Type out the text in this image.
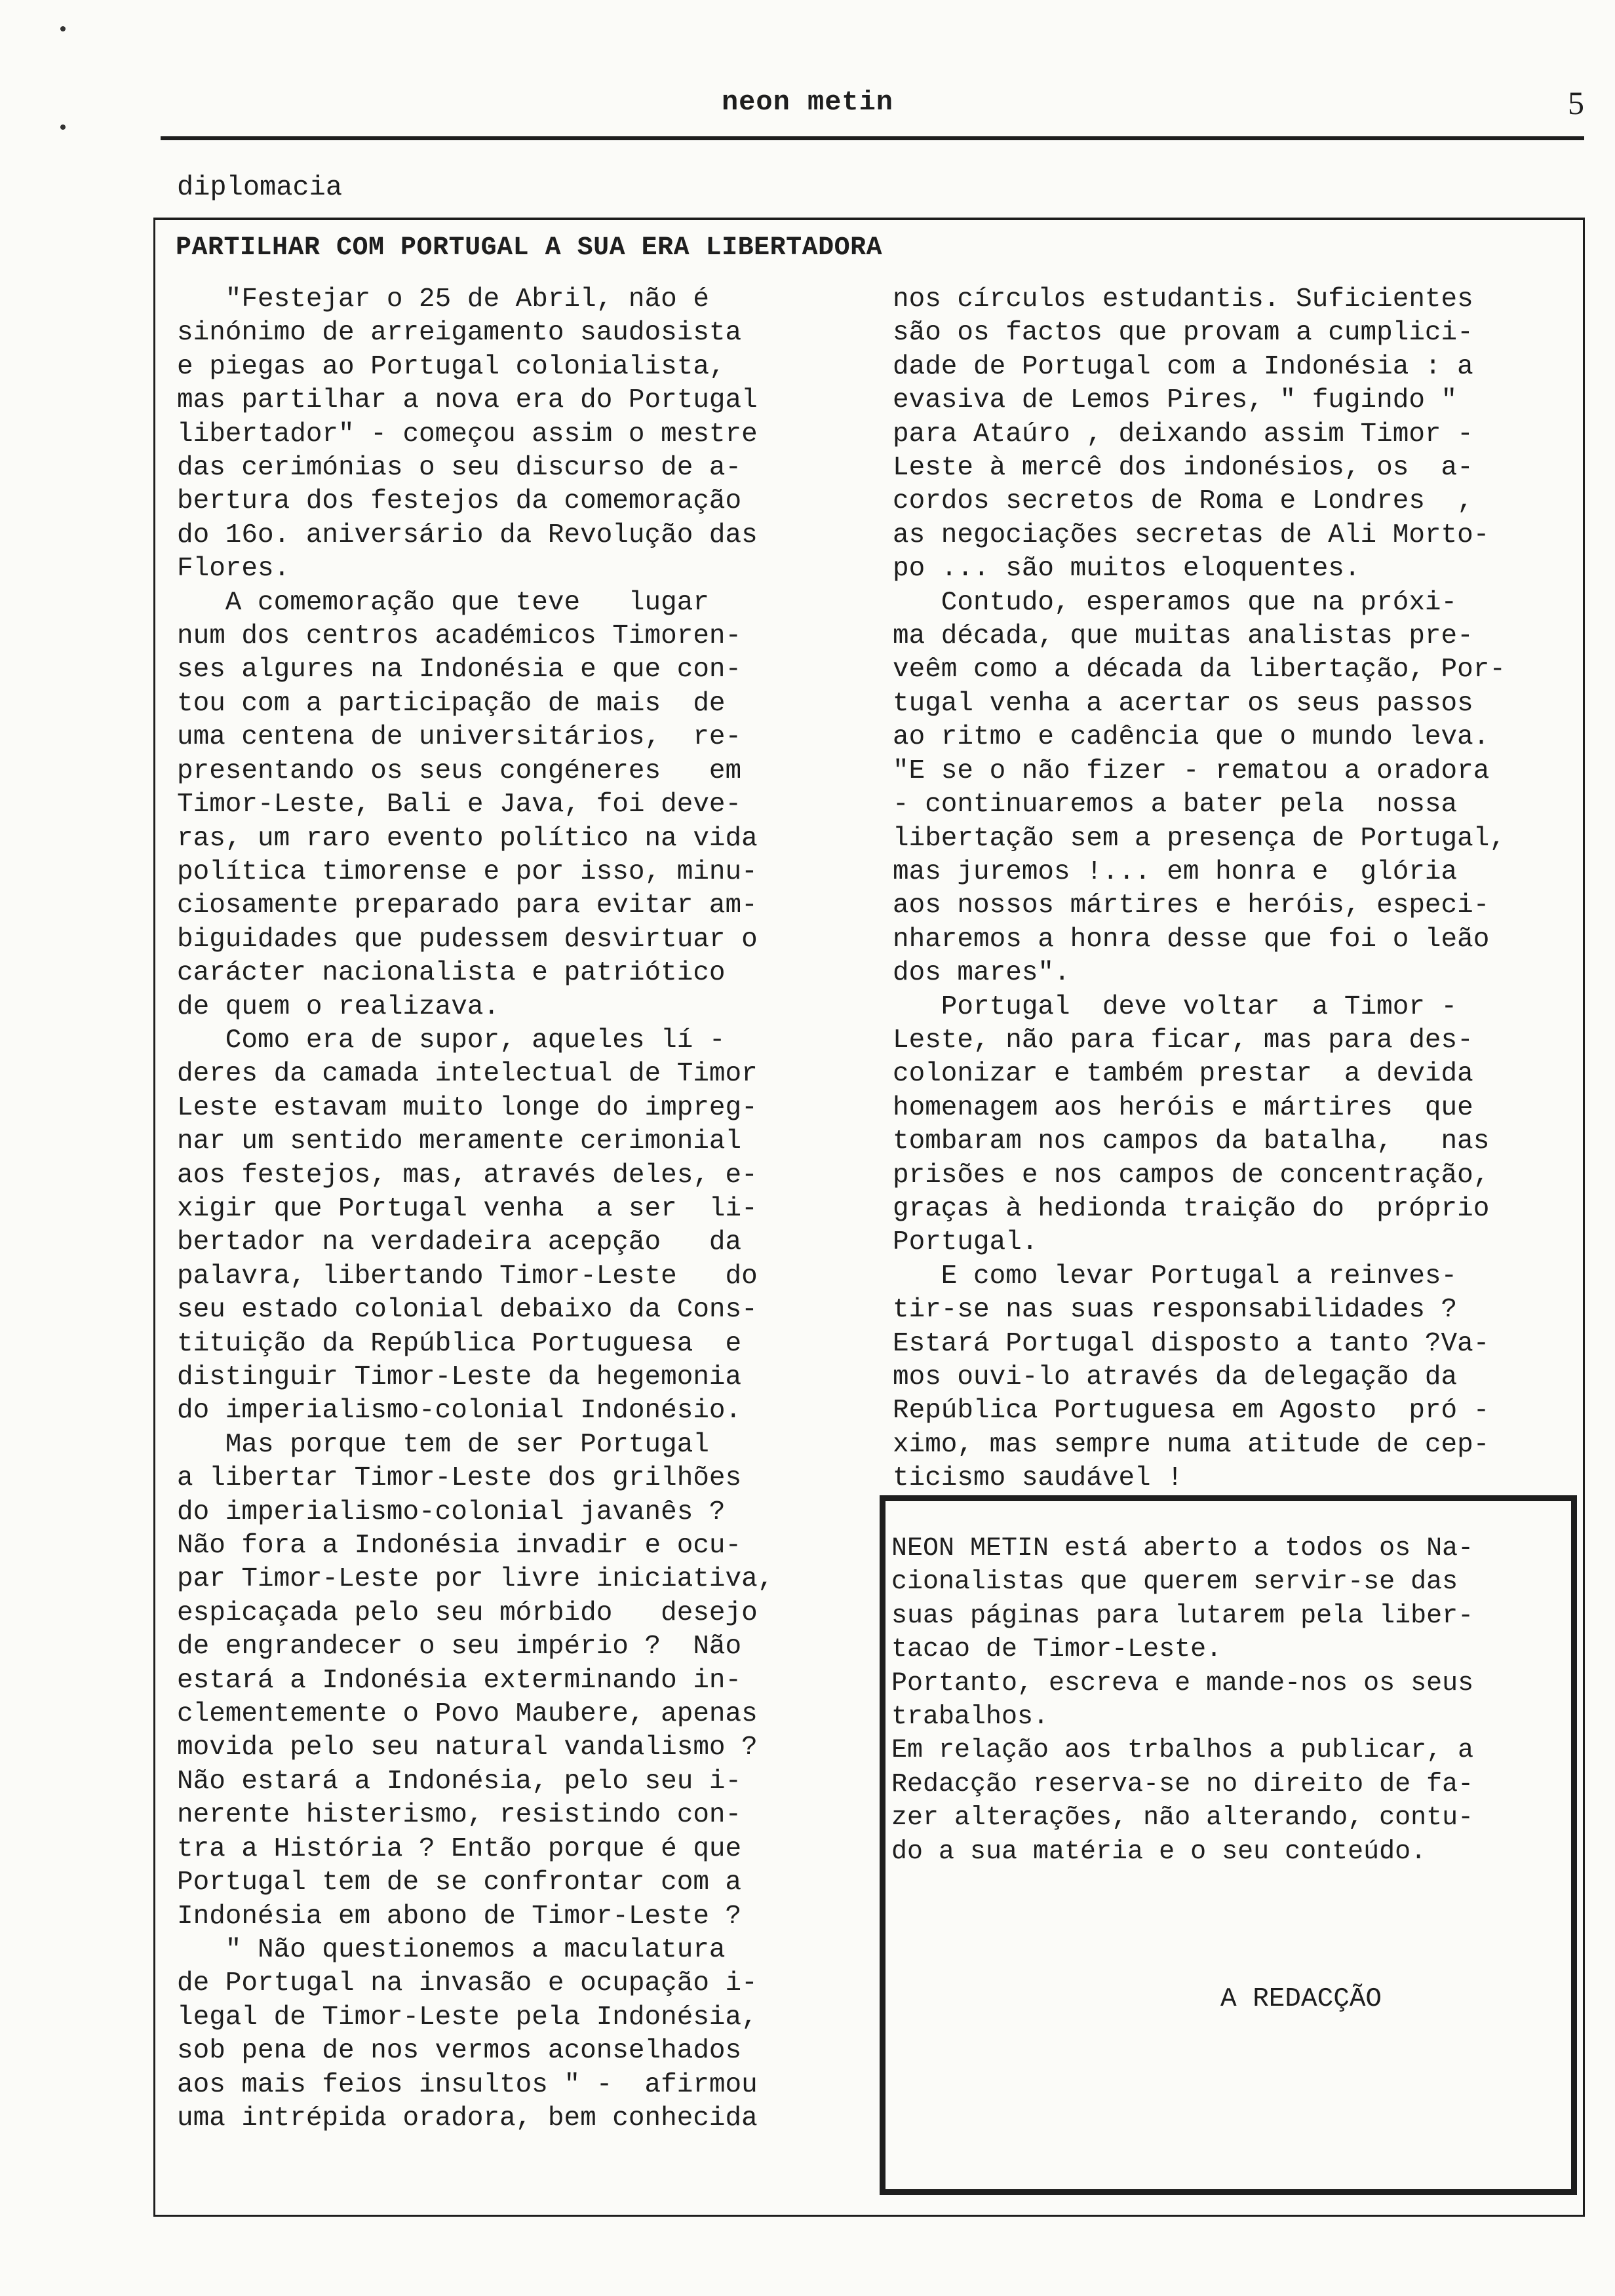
neon metin	5
diplomacia
PARTILHAR COM PORTUGAL A SUA ERA LIBERTADORA
"Festejar o 25 de Abril, não é
sinónimo de arreigamento saudosista
e piegas ao Portugal colonialista,
mas partilhar a nova era do Portugal
libertador" - começou assim o mestre
das cerimónias o seu discurso de a-
bertura dos festejos da comemoração
do 16o. aniversário da Revolução das
Flores.
A comemoração que teve   lugar
num dos centros académicos Timoren-
ses algures na Indonésia e que con-
tou com a participação de mais  de
uma centena de universitários,  re-
presentando os seus congéneres   em
Timor-Leste, Bali e Java, foi deve-
ras, um raro evento político na vida
política timorense e por isso, minu-
ciosamente preparado para evitar am-
biguidades que pudessem desvirtuar o
carácter nacionalista e patriótico
de quem o realizava.
Como era de supor, aqueles lí -
deres da camada intelectual de Timor
Leste estavam muito longe do impreg-
nar um sentido meramente cerimonial
aos festejos, mas, através deles, e-
xigir que Portugal venha  a ser  li-
bertador na verdadeira acepção   da
palavra, libertando Timor-Leste   do
seu estado colonial debaixo da Cons-
tituição da República Portuguesa  e
distinguir Timor-Leste da hegemonia
do imperialismo-colonial Indonésio.
Mas porque tem de ser Portugal
a libertar Timor-Leste dos grilhões
do imperialismo-colonial javanês ?
Não fora a Indonésia invadir e ocu-
par Timor-Leste por livre iniciativa,
espicaçada pelo seu mórbido   desejo
de engrandecer o seu império ?  Não
estará a Indonésia exterminando in-
clementemente o Povo Maubere, apenas
movida pelo seu natural vandalismo ?
Não estará a Indonésia, pelo seu i-
nerente histerismo, resistindo con-
tra a História ? Então porque é que
Portugal tem de se confrontar com a
Indonésia em abono de Timor-Leste ?
" Não questionemos a maculatura
de Portugal na invasão e ocupação i-
legal de Timor-Leste pela Indonésia,
sob pena de nos vermos aconselhados
aos mais feios insultos " -  afirmou
uma intrépida oradora, bem conhecida
nos círculos estudantis. Suficientes
são os factos que provam a cumplici-
dade de Portugal com a Indonésia : a
evasiva de Lemos Pires, " fugindo "
para Ataúro , deixando assim Timor -
Leste à mercê dos indonésios, os  a-
cordos secretos de Roma e Londres  ,
as negociações secretas de Ali Morto-
po ... são muitos eloquentes.
Contudo, esperamos que na próxi-
ma década, que muitas analistas pre-
veêm como a década da libertação, Por-
tugal venha a acertar os seus passos
ao ritmo e cadência que o mundo leva.
"E se o não fizer - rematou a oradora
- continuaremos a bater pela  nossa
libertação sem a presença de Portugal,
mas juremos !... em honra e  glória
aos nossos mártires e heróis, especi-
nharemos a honra desse que foi o leão
dos mares".
Portugal  deve voltar  a Timor -
Leste, não para ficar, mas para des-
colonizar e também prestar  a devida
homenagem aos heróis e mártires  que
tombaram nos campos da batalha,   nas
prisões e nos campos de concentração,
graças à hedionda traição do  próprio
Portugal.
E como levar Portugal a reinves-
tir-se nas suas responsabilidades ?
Estará Portugal disposto a tanto ?Va-
mos ouvi-lo através da delegação da
República Portuguesa em Agosto  pró -
ximo, mas sempre numa atitude de cep-
ticismo saudável !
NEON METIN está aberto a todos os Na-
cionalistas que querem servir-se das
suas páginas para lutarem pela liber-
tacao de Timor-Leste.
Portanto, escreva e mande-nos os seus
trabalhos.
Em relação aos trbalhos a publicar, a
Redacção reserva-se no direito de fa-
zer alterações, não alterando, contu-
do a sua matéria e o seu conteúdo.
A REDACÇÃO
